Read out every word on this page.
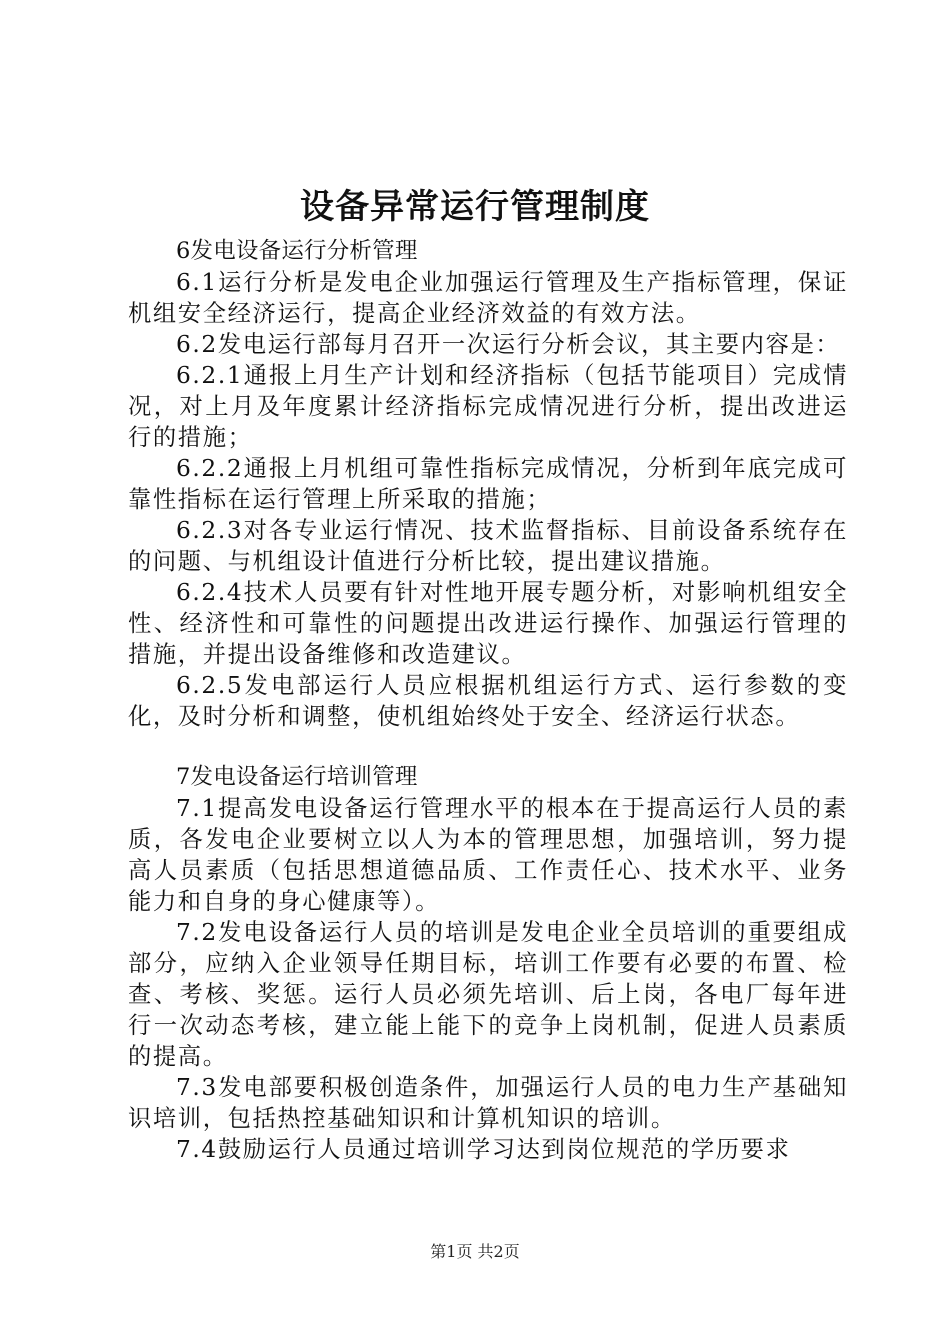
设备异常运行管理制度

6发电设备运行分析管理

6.1运行分析是发电企业加强运行管理及生产指标管理，保证机组安全经济运行，提高企业经济效益的有效方法。

6.2发电运行部每月召开一次运行分析会议，其主要内容是：

6.2.1通报上月生产计划和经济指标（包括节能项目）完成情况，对上月及年度累计经济指标完成情况进行分析，提出改进运行的措施；

6.2.2通报上月机组可靠性指标完成情况，分析到年底完成可靠性指标在运行管理上所采取的措施；

6.2.3对各专业运行情况、技术监督指标、目前设备系统存在的问题、与机组设计值进行分析比较，提出建议措施。

6.2.4技术人员要有针对性地开展专题分析，对影响机组安全性、经济性和可靠性的问题提出改进运行操作、加强运行管理的措施，并提出设备维修和改造建议。

6.2.5发电部运行人员应根据机组运行方式、运行参数的变化，及时分析和调整，使机组始终处于安全、经济运行状态。

7发电设备运行培训管理

7.1提高发电设备运行管理水平的根本在于提高运行人员的素质，各发电企业要树立以人为本的管理思想，加强培训，努力提高人员素质（包括思想道德品质、工作责任心、技术水平、业务能力和自身的身心健康等）。

7.2发电设备运行人员的培训是发电企业全员培训的重要组成部分，应纳入企业领导任期目标，培训工作要有必要的布置、检查、考核、奖惩。运行人员必须先培训、后上岗，各电厂每年进行一次动态考核，建立能上能下的竞争上岗机制，促进人员素质的提高。

7.3发电部要积极创造条件，加强运行人员的电力生产基础知识培训，包括热控基础知识和计算机知识的培训。

7.4鼓励运行人员通过培训学习达到岗位规范的学历要求

第1页 共2页
